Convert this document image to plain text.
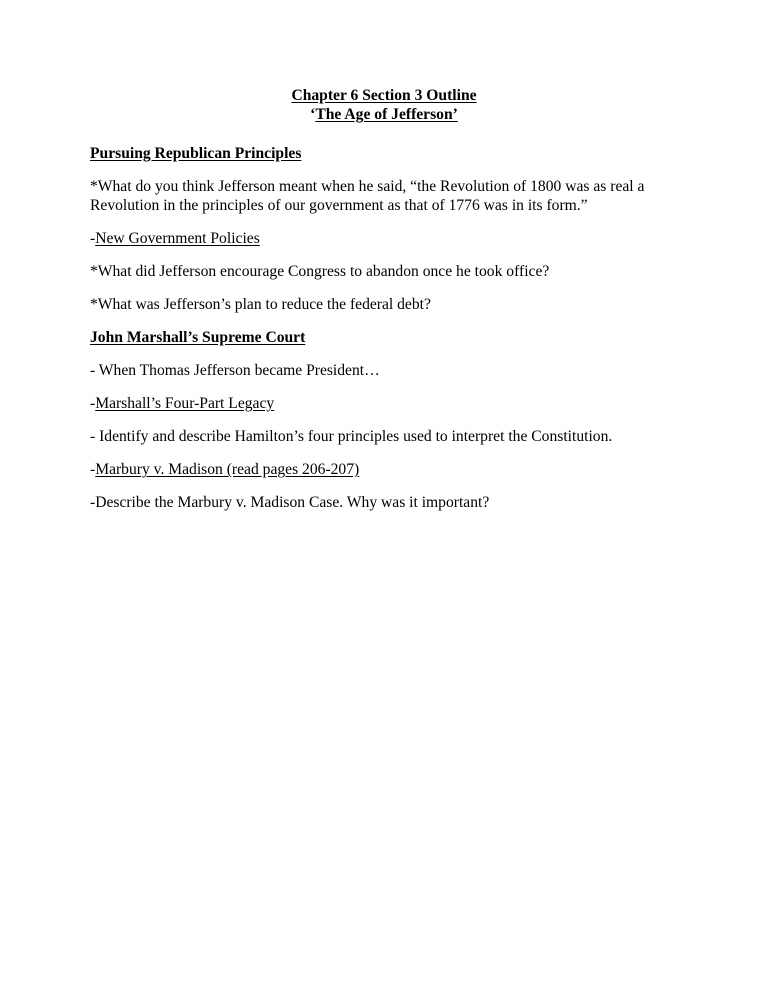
Chapter 6 Section 3 Outline
‘The Age of Jefferson’
Pursuing Republican Principles
*What do you think Jefferson meant when he said, “the Revolution of 1800 was as real a
Revolution in the principles of our government as that of 1776 was in its form.”
-New Government Policies
*What did Jefferson encourage Congress to abandon once he took office?
*What was Jefferson’s plan to reduce the federal debt?
John Marshall’s Supreme Court
- When Thomas Jefferson became President…
-Marshall’s Four-Part Legacy
- Identify and describe Hamilton’s four principles used to interpret the Constitution.
-Marbury v. Madison (read pages 206-207)
-Describe the Marbury v. Madison Case. Why was it important?
